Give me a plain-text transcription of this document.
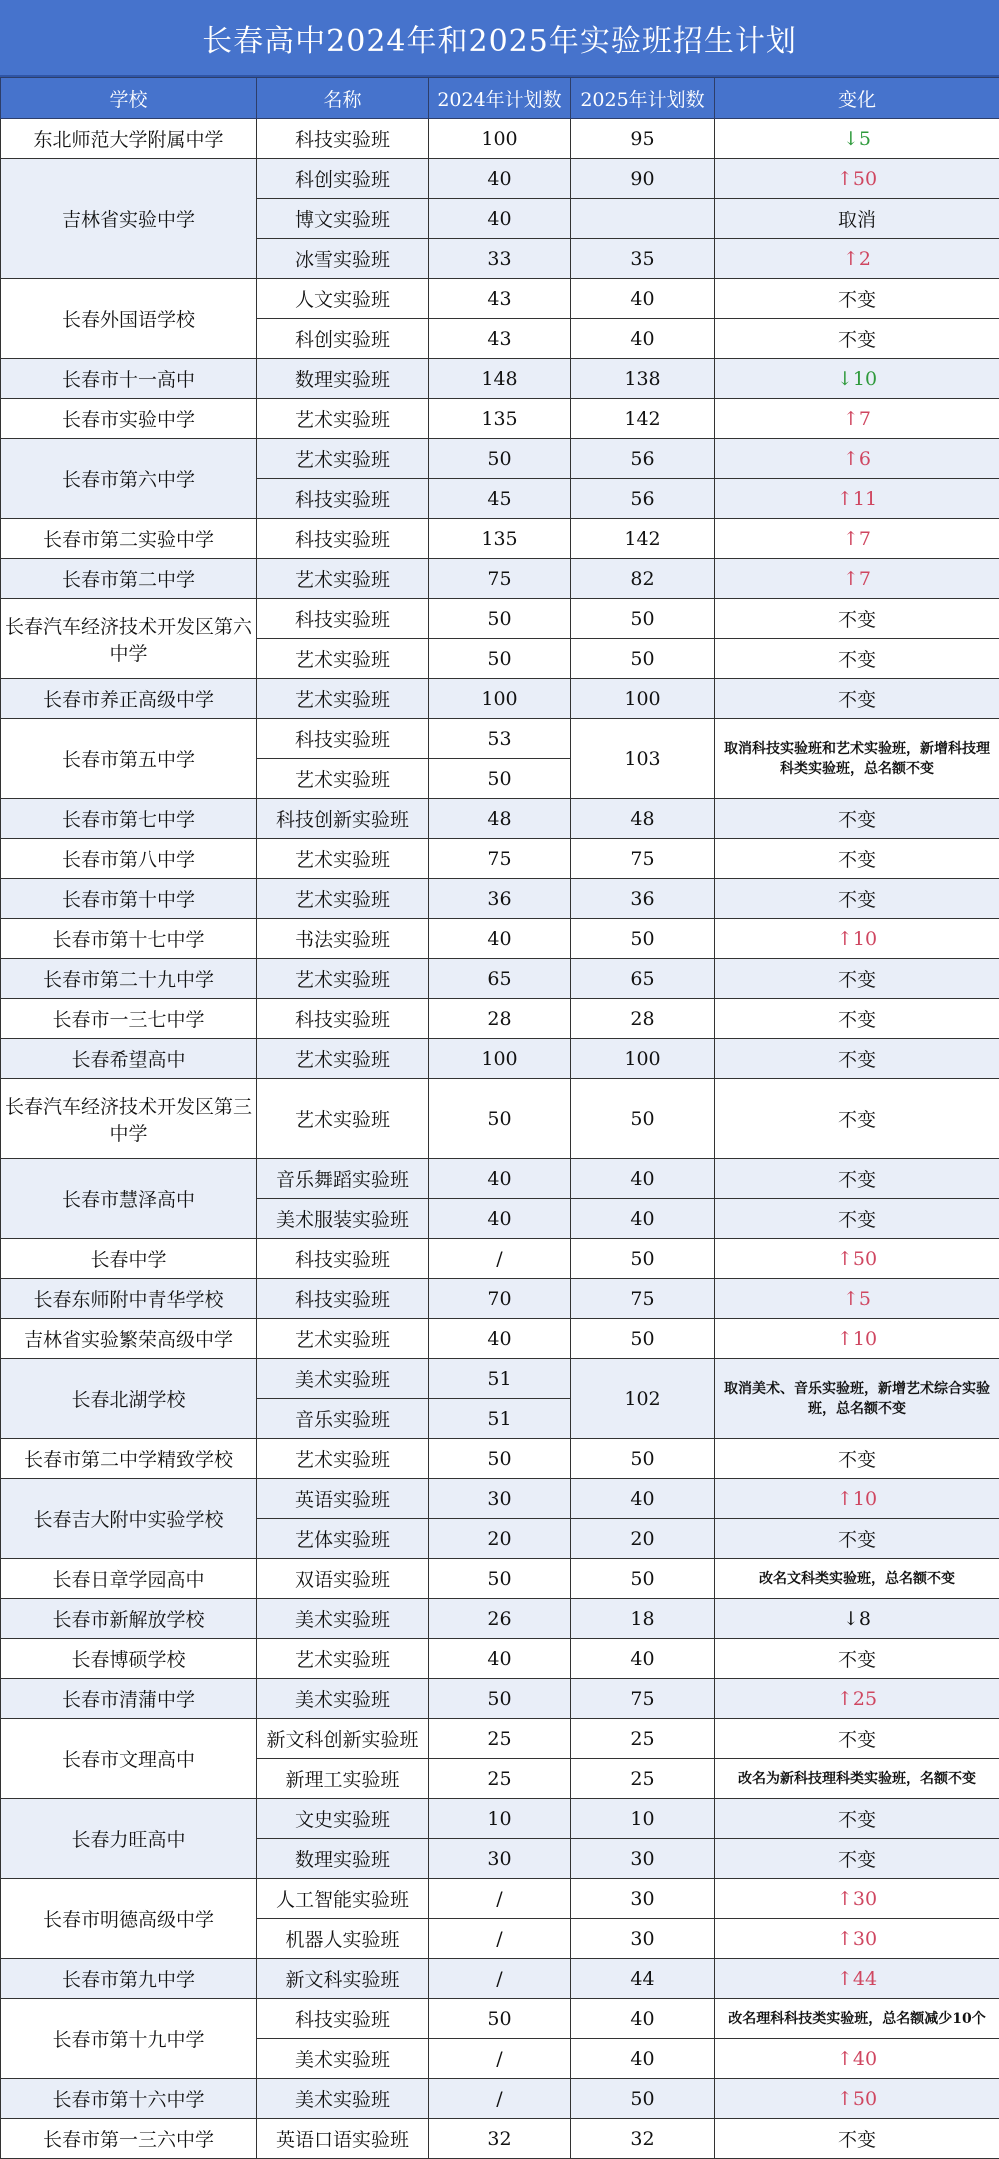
长春高中2024年和2025年实验班招生计划
学校	名称	2024年计划数	2025年计划数	变化
东北师范大学附属中学	科技实验班	100	95	↓5
吉林省实验中学	科创实验班	40	90	↑50
	博文实验班	40		取消
	冰雪实验班	33	35	↑2
长春外国语学校	人文实验班	43	40	不变
	科创实验班	43	40	不变
长春市十一高中	数理实验班	148	138	↓10
长春市实验中学	艺术实验班	135	142	↑7
长春市第六中学	艺术实验班	50	56	↑6
	科技实验班	45	56	↑11
长春市第二实验中学	科技实验班	135	142	↑7
长春市第二中学	艺术实验班	75	82	↑7
长春汽车经济技术开发区第六中学	科技实验班	50	50	不变
	艺术实验班	50	50	不变
长春市养正高级中学	艺术实验班	100	100	不变
长春市第五中学	科技实验班	53	103	取消科技实验班和艺术实验班，新增科技理科类实验班，总名额不变
	艺术实验班	50		
长春市第七中学	科技创新实验班	48	48	不变
长春市第八中学	艺术实验班	75	75	不变
长春市第十中学	艺术实验班	36	36	不变
长春市第十七中学	书法实验班	40	50	↑10
长春市第二十九中学	艺术实验班	65	65	不变
长春市一三七中学	科技实验班	28	28	不变
长春希望高中	艺术实验班	100	100	不变
长春汽车经济技术开发区第三中学	艺术实验班	50	50	不变
长春市慧泽高中	音乐舞蹈实验班	40	40	不变
	美术服装实验班	40	40	不变
长春中学	科技实验班	/	50	↑50
长春东师附中青华学校	科技实验班	70	75	↑5
吉林省实验繁荣高级中学	艺术实验班	40	50	↑10
长春北湖学校	美术实验班	51	102	取消美术、音乐实验班，新增艺术综合实验班，总名额不变
	音乐实验班	51		
长春市第二中学精致学校	艺术实验班	50	50	不变
长春吉大附中实验学校	英语实验班	30	40	↑10
	艺体实验班	20	20	不变
长春日章学园高中	双语实验班	50	50	改名文科类实验班，总名额不变
长春市新解放学校	美术实验班	26	18	↓8
长春博硕学校	艺术实验班	40	40	不变
长春市清蒲中学	美术实验班	50	75	↑25
长春市文理高中	新文科创新实验班	25	25	不变
	新理工实验班	25	25	改名为新科技理科类实验班，名额不变
长春力旺高中	文史实验班	10	10	不变
	数理实验班	30	30	不变
长春市明德高级中学	人工智能实验班	/	30	↑30
	机器人实验班	/	30	↑30
长春市第九中学	新文科实验班	/	44	↑44
长春市第十九中学	科技实验班	50	40	改名理科科技类实验班，总名额减少10个
	美术实验班	/	40	↑40
长春市第十六中学	美术实验班	/	50	↑50
长春市第一三六中学	英语口语实验班	32	32	不变
